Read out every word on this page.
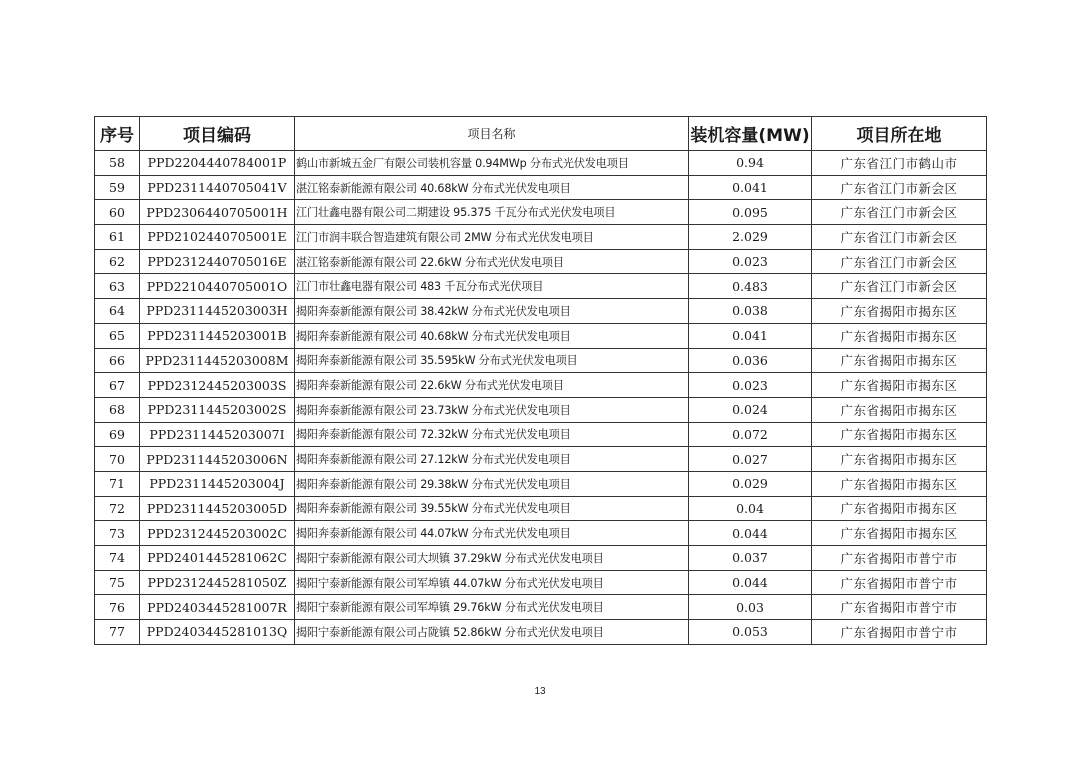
序号	项目编码	项目名称	装机容量(MW)	项目所在地
58	PPD2204440784001P	鹤山市新城五金厂有限公司装机容量 0.94MWp 分布式光伏发电项目	0.94	广东省江门市鹤山市
59	PPD2311440705041V	湛江铭泰新能源有限公司 40.68kW 分布式光伏发电项目	0.041	广东省江门市新会区
60	PPD2306440705001H	江门壮鑫电器有限公司二期建设 95.375 千瓦分布式光伏发电项目	0.095	广东省江门市新会区
61	PPD2102440705001E	江门市润丰联合智造建筑有限公司 2MW 分布式光伏发电项目	2.029	广东省江门市新会区
62	PPD2312440705016E	湛江铭泰新能源有限公司 22.6kW 分布式光伏发电项目	0.023	广东省江门市新会区
63	PPD2210440705001O	江门市壮鑫电器有限公司 483 千瓦分布式光伏项目	0.483	广东省江门市新会区
64	PPD2311445203003H	揭阳奔泰新能源有限公司 38.42kW 分布式光伏发电项目	0.038	广东省揭阳市揭东区
65	PPD2311445203001B	揭阳奔泰新能源有限公司 40.68kW 分布式光伏发电项目	0.041	广东省揭阳市揭东区
66	PPD2311445203008M	揭阳奔泰新能源有限公司 35.595kW 分布式光伏发电项目	0.036	广东省揭阳市揭东区
67	PPD2312445203003S	揭阳奔泰新能源有限公司 22.6kW 分布式光伏发电项目	0.023	广东省揭阳市揭东区
68	PPD2311445203002S	揭阳奔泰新能源有限公司 23.73kW 分布式光伏发电项目	0.024	广东省揭阳市揭东区
69	PPD2311445203007I	揭阳奔泰新能源有限公司 72.32kW 分布式光伏发电项目	0.072	广东省揭阳市揭东区
70	PPD2311445203006N	揭阳奔泰新能源有限公司 27.12kW 分布式光伏发电项目	0.027	广东省揭阳市揭东区
71	PPD2311445203004J	揭阳奔泰新能源有限公司 29.38kW 分布式光伏发电项目	0.029	广东省揭阳市揭东区
72	PPD2311445203005D	揭阳奔泰新能源有限公司 39.55kW 分布式光伏发电项目	0.04	广东省揭阳市揭东区
73	PPD2312445203002C	揭阳奔泰新能源有限公司 44.07kW 分布式光伏发电项目	0.044	广东省揭阳市揭东区
74	PPD2401445281062C	揭阳宁泰新能源有限公司大坝镇 37.29kW 分布式光伏发电项目	0.037	广东省揭阳市普宁市
75	PPD2312445281050Z	揭阳宁泰新能源有限公司军埠镇 44.07kW 分布式光伏发电项目	0.044	广东省揭阳市普宁市
76	PPD2403445281007R	揭阳宁泰新能源有限公司军埠镇 29.76kW 分布式光伏发电项目	0.03	广东省揭阳市普宁市
77	PPD2403445281013Q	揭阳宁泰新能源有限公司占陇镇 52.86kW 分布式光伏发电项目	0.053	广东省揭阳市普宁市
13
